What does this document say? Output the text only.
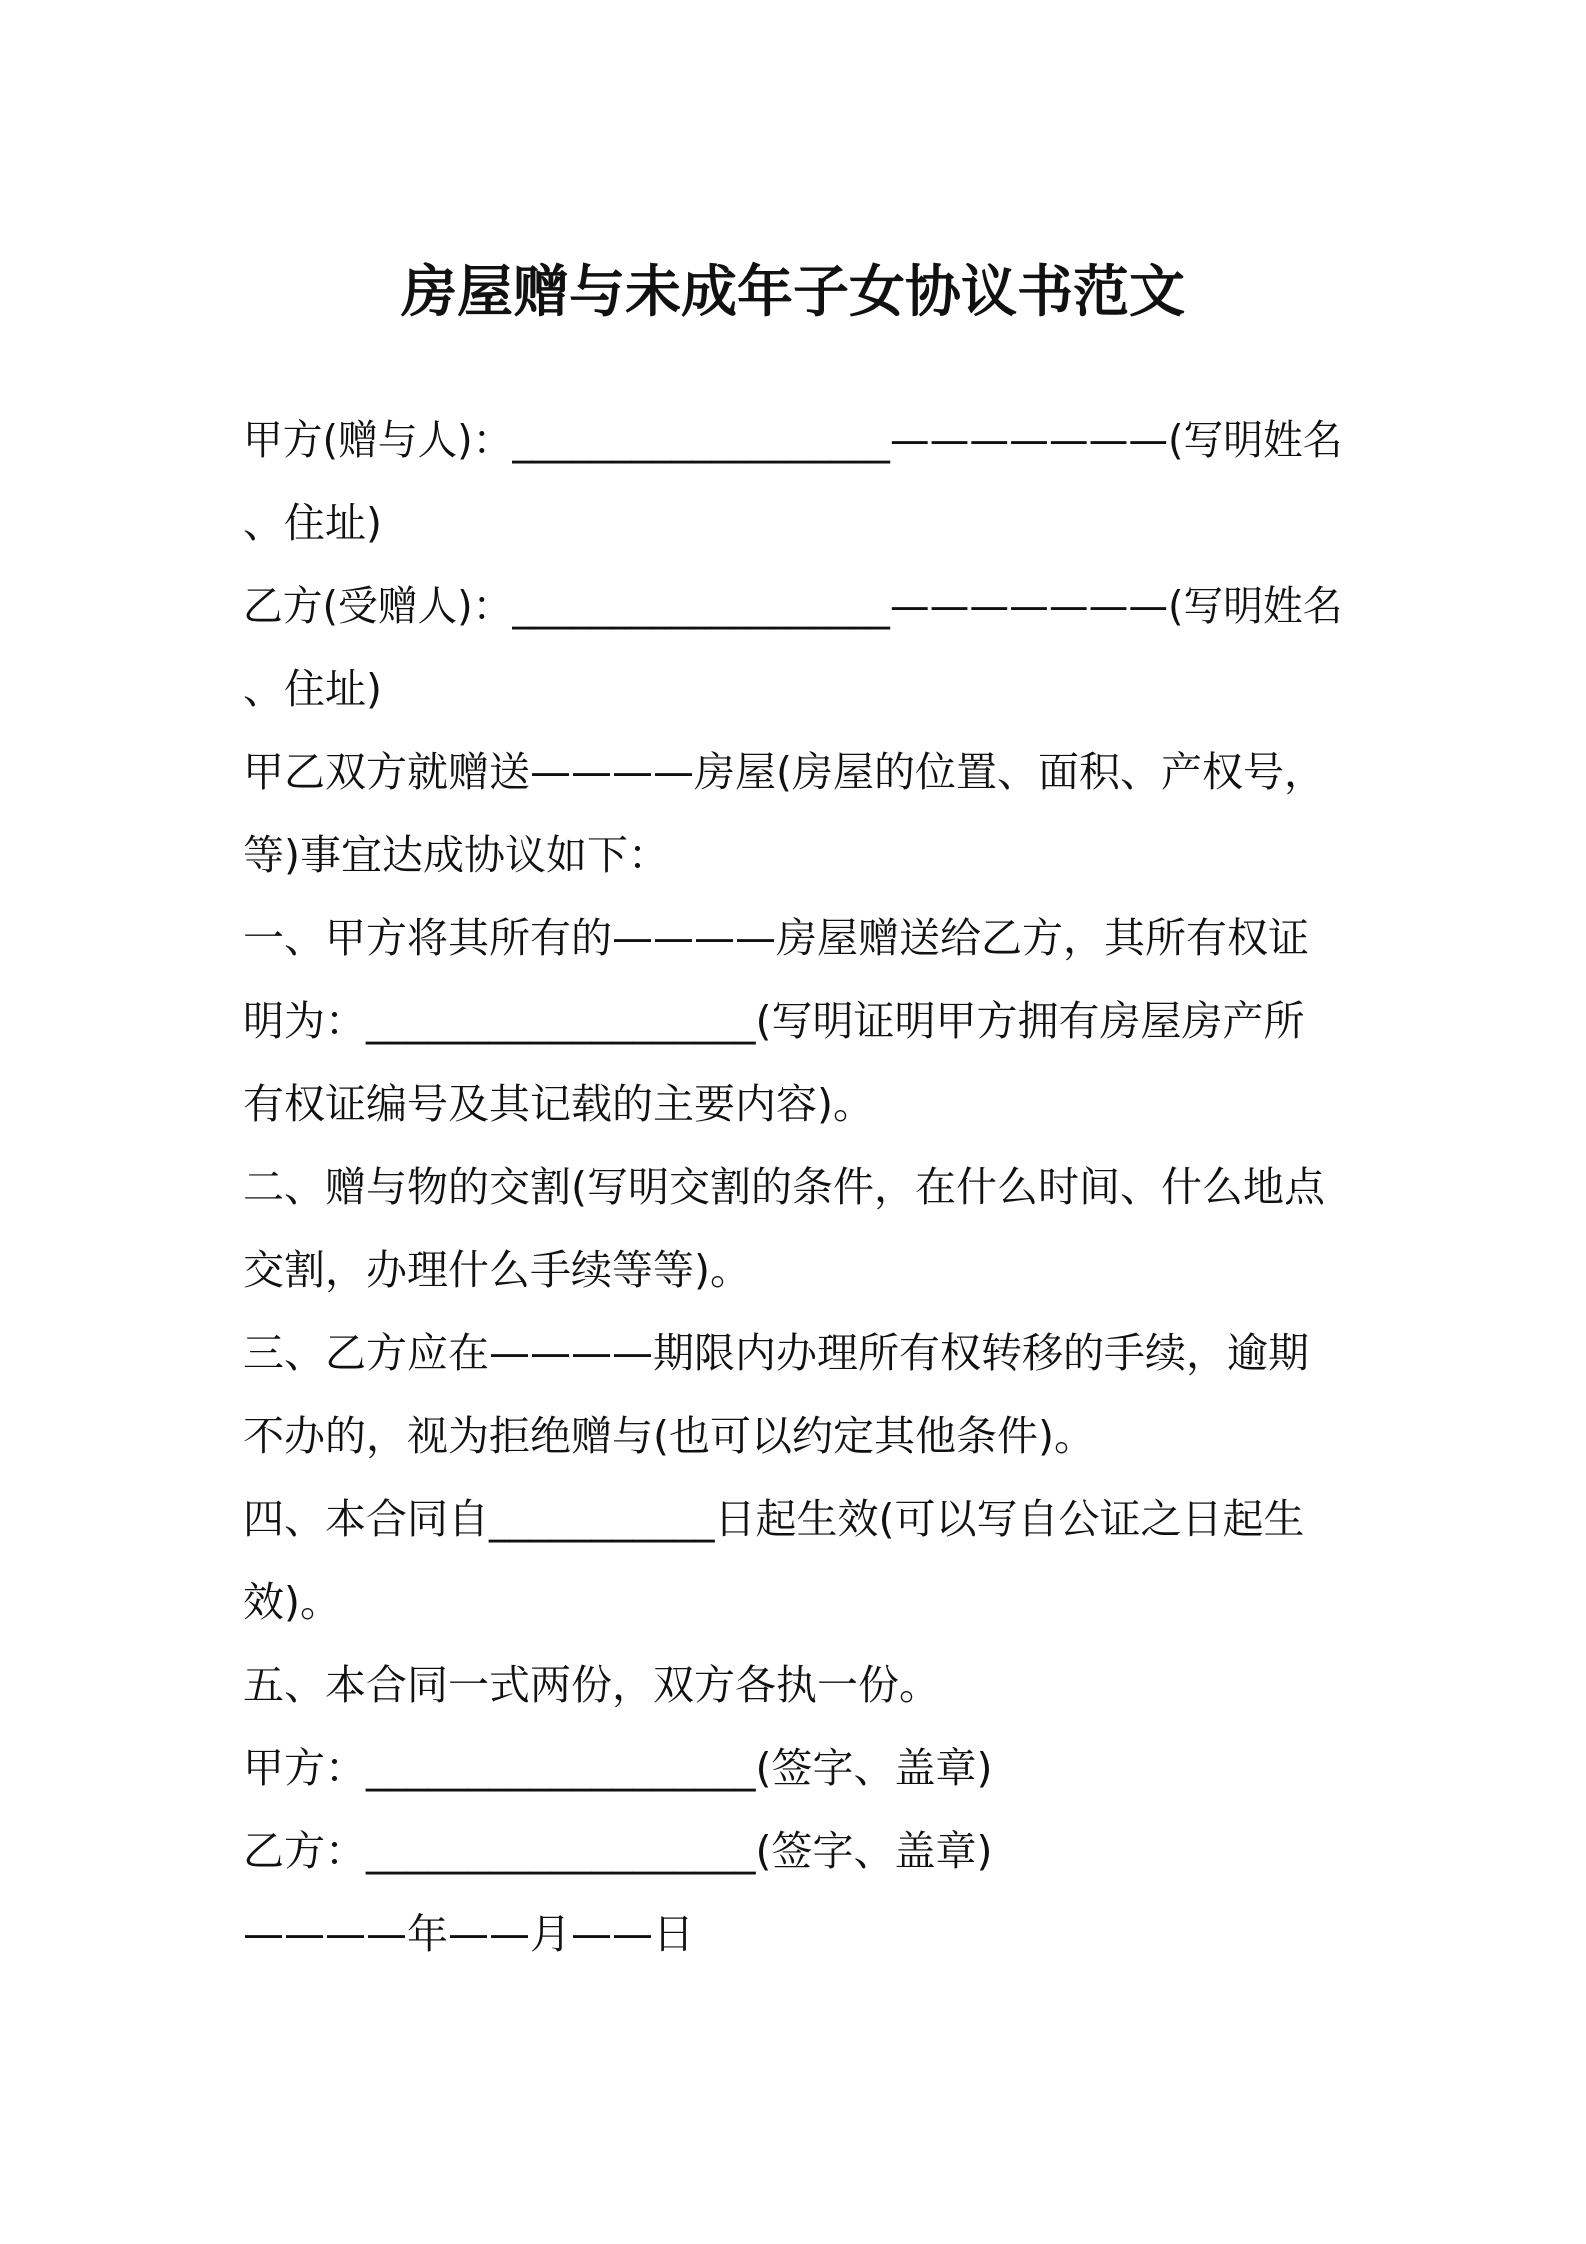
房屋赠与未成年子女协议书范文
甲方(赠与人)：___________________———————(写明姓名
、住址)
乙方(受赠人)：___________________———————(写明姓名
、住址)
甲乙双方就赠送————房屋(房屋的位置、面积、产权号，
等)事宜达成协议如下：
一、甲方将其所有的————房屋赠送给乙方，其所有权证
明为：___________________(写明证明甲方拥有房屋房产所
有权证编号及其记载的主要内容)。
二、赠与物的交割(写明交割的条件，在什么时间、什么地点
交割，办理什么手续等等)。
三、乙方应在————期限内办理所有权转移的手续，逾期
不办的，视为拒绝赠与(也可以约定其他条件)。
四、本合同自___________日起生效(可以写自公证之日起生
效)。
五、本合同一式两份，双方各执一份。
甲方：___________________(签字、盖章)
乙方：___________________(签字、盖章)
————年——月——日
